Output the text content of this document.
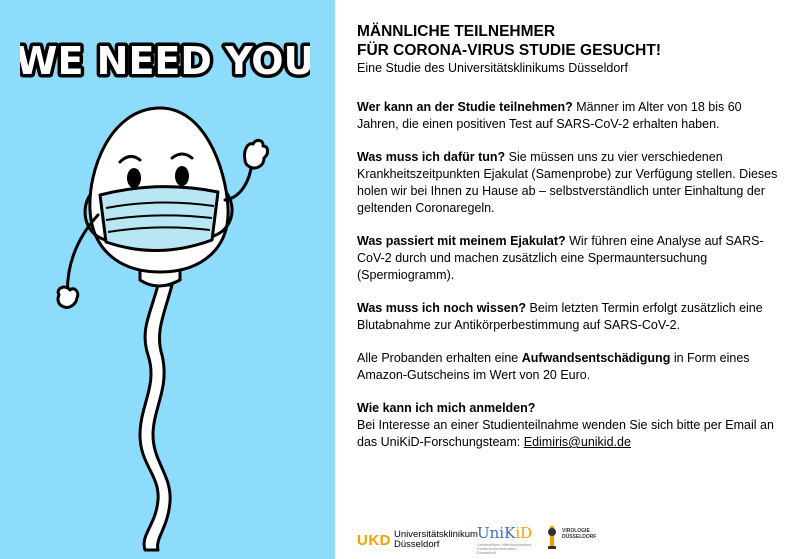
WE NEED YOU

MÄNNLICHE TEILNEHMER

FÜR CORONA-VIRUS STUDIE GESUCHT!

Eine Studie des Universitätsklinikums Düsseldorf

Wer kann an der Studie teilnehmen? Männer im Alter von 18 bis 60 Jahren, die einen positiven Test auf SARS-CoV-2 erhalten haben.

Was muss ich dafür tun? Sie müssen uns zu vier verschiedenen Krankheitszeitpunkten Ejakulat (Samenprobe) zur Verfügung stellen. Dieses holen wir bei Ihnen zu Hause ab – selbstverständlich unter Einhaltung der geltenden Coronaregeln.

Was passiert mit meinem Ejakulat? Wir führen eine Analyse auf SARS-CoV-2 durch und machen zusätzlich eine Spermauntersuchung (Spermiogramm).

Was muss ich noch wissen? Beim letzten Termin erfolgt zusätzlich eine Blutabnahme zur Antikörperbestimmung auf SARS-CoV-2.

Alle Probanden erhalten eine Aufwandsentschädigung in Form eines Amazon-Gutscheins im Wert von 20 Euro.

Wie kann ich mich anmelden?
Bei Interesse an einer Studienteilnahme wenden Sie sich bitte per Email an das UniKiD-Forschungsteam: Edimiris@unikid.de

UKD Universitätsklinikum
Düsseldorf
UniKiD
Universitäres Interdisziplinäres Kinderwunschzentrum Düsseldorf
VIROLOGIE
DÜSSELDORF
